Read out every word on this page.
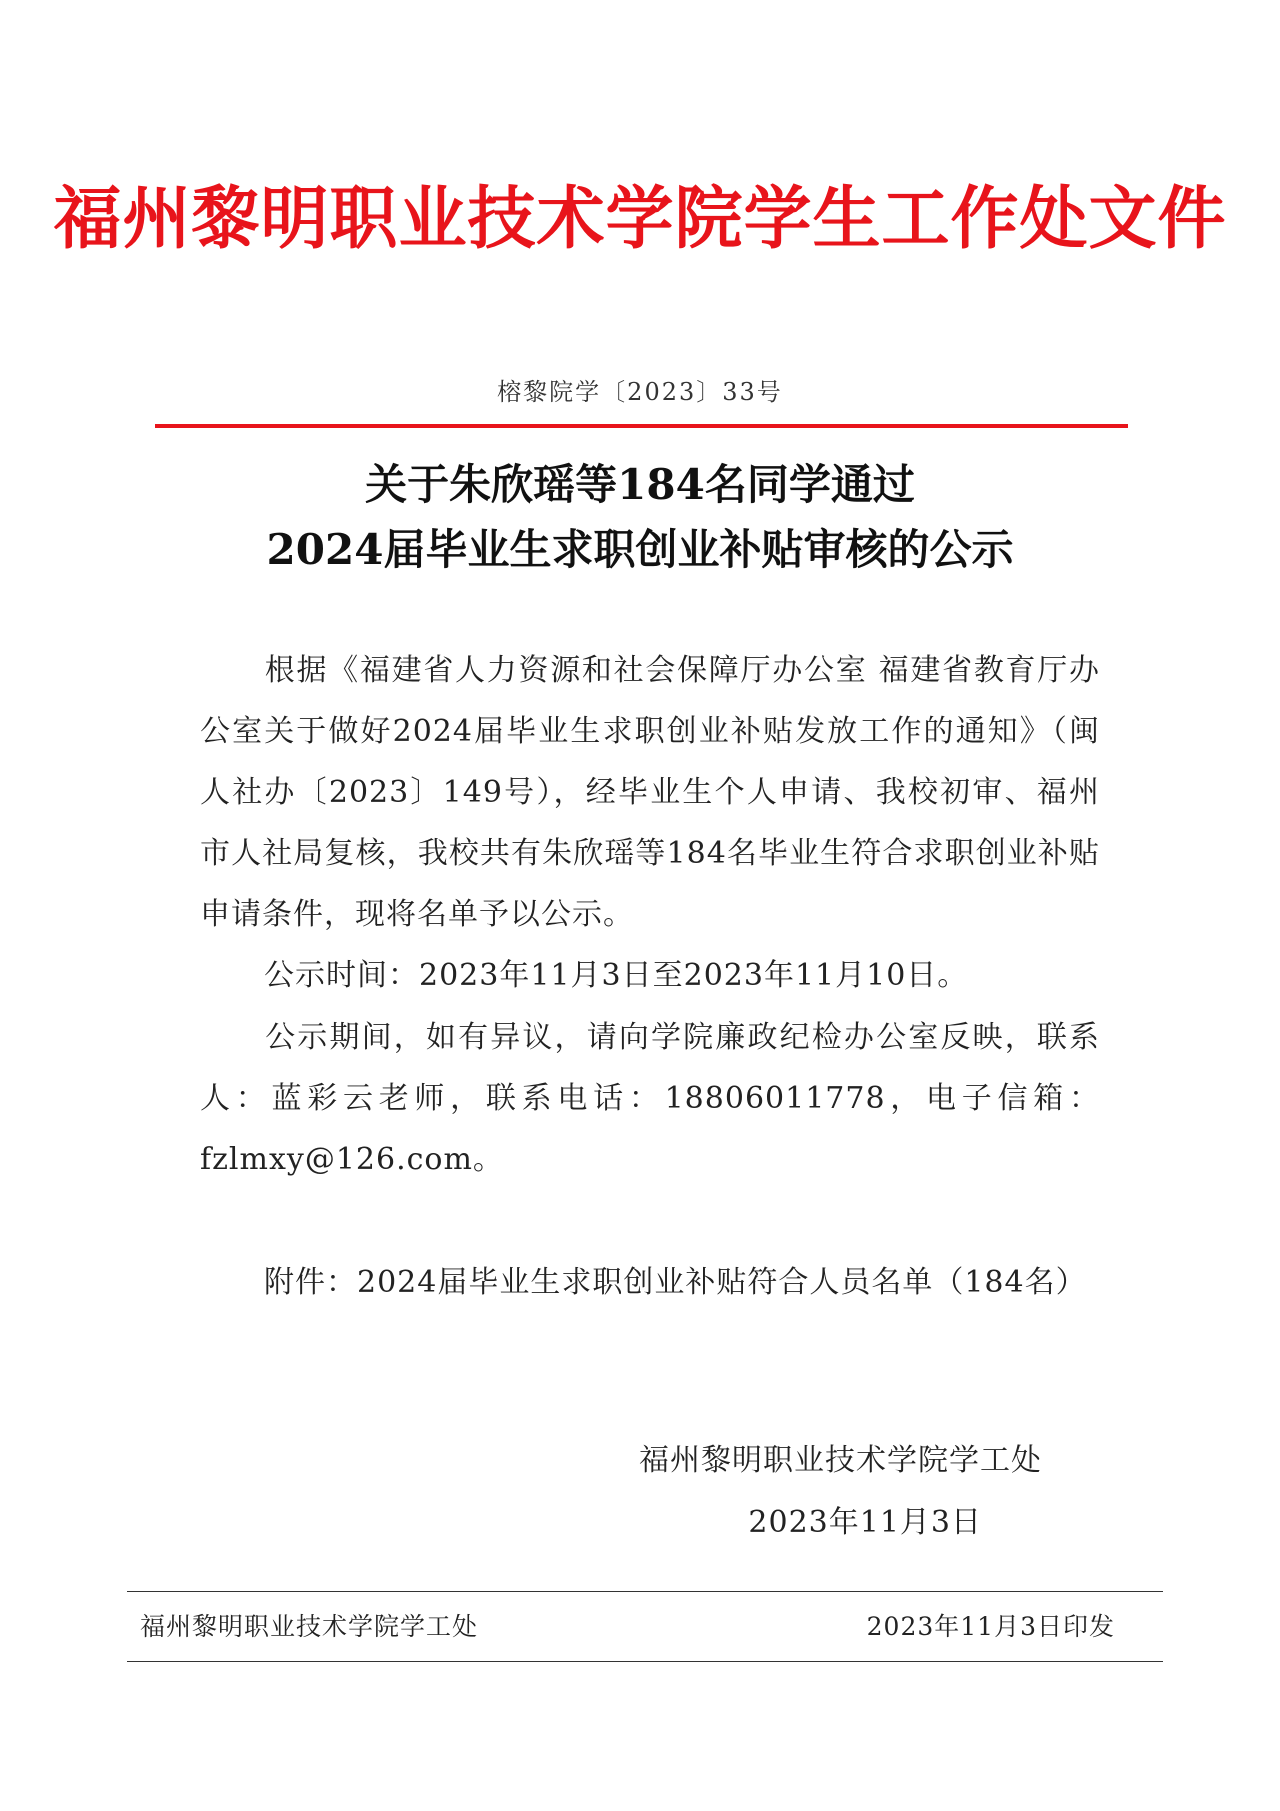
福州黎明职业技术学院学生工作处文件
榕黎院学〔2023〕33号
关于朱欣瑶等184名同学通过
2024届毕业生求职创业补贴审核的公示
根据《福建省人力资源和社会保障厅办公室 福建省教育厅办公室关于做好2024届毕业生求职创业补贴发放工作的通知》（闽人社办〔2023〕149号），经毕业生个人申请、我校初审、福州市人社局复核，我校共有朱欣瑶等184名毕业生符合求职创业补贴申请条件，现将名单予以公示。
公示时间：2023年11月3日至2023年11月10日。
公示期间，如有异议，请向学院廉政纪检办公室反映，联系人：蓝彩云老师，联系电话：18806011778，电子信箱：fzlmxy@126.com。
附件：2024届毕业生求职创业补贴符合人员名单（184名）
福州黎明职业技术学院学工处
2023年11月3日
福州黎明职业技术学院学工处	2023年11月3日印发
